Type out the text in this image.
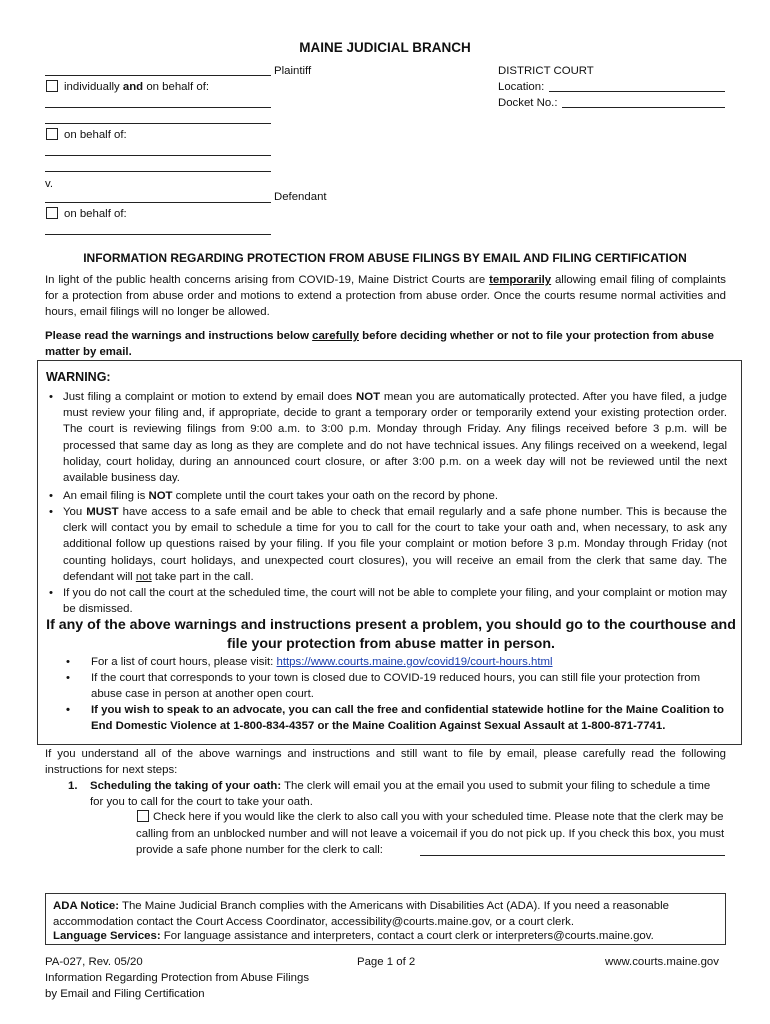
MAINE JUDICIAL BRANCH
Plaintiff
individually and on behalf of:
on behalf of:
v.
Defendant
on behalf of:
DISTRICT COURT
Location:
Docket No.:
INFORMATION REGARDING PROTECTION FROM ABUSE FILINGS BY EMAIL AND FILING CERTIFICATION
In light of the public health concerns arising from COVID-19, Maine District Courts are temporarily allowing email filing of complaints for a protection from abuse order and motions to extend a protection from abuse order. Once the courts resume normal activities and hours, email filings will no longer be allowed.
Please read the warnings and instructions below carefully before deciding whether or not to file your protection from abuse matter by email.
WARNING:
• Just filing a complaint or motion to extend by email does NOT mean you are automatically protected. After you have filed, a judge must review your filing and, if appropriate, decide to grant a temporary order or temporarily extend your existing protection order. The court is reviewing filings from 9:00 a.m. to 3:00 p.m. Monday through Friday. Any filings received before 3 p.m. will be processed that same day as long as they are complete and do not have technical issues. Any filings received on a weekend, legal holiday, court holiday, during an announced court closure, or after 3:00 p.m. on a week day will not be reviewed until the next available business day.
• An email filing is NOT complete until the court takes your oath on the record by phone.
• You MUST have access to a safe email and be able to check that email regularly and a safe phone number. This is because the clerk will contact you by email to schedule a time for you to call for the court to take your oath and, when necessary, to ask any additional follow up questions raised by your filing. If you file your complaint or motion before 3 p.m. Monday through Friday (not counting holidays, court holidays, and unexpected court closures), you will receive an email from the clerk that same day. The defendant will not take part in the call.
• If you do not call the court at the scheduled time, the court will not be able to complete your filing, and your complaint or motion may be dismissed.
If any of the above warnings and instructions present a problem, you should go to the courthouse and file your protection from abuse matter in person.
• For a list of court hours, please visit: https://www.courts.maine.gov/covid19/court-hours.html
• If the court that corresponds to your town is closed due to COVID-19 reduced hours, you can still file your protection from abuse case in person at another open court.
• If you wish to speak to an advocate, you can call the free and confidential statewide hotline for the Maine Coalition to End Domestic Violence at 1-800-834-4357 or the Maine Coalition Against Sexual Assault at 1-800-871-7741.
If you understand all of the above warnings and instructions and still want to file by email, please carefully read the following instructions for next steps:
1. Scheduling the taking of your oath: The clerk will email you at the email you used to submit your filing to schedule a time for you to call for the court to take your oath.
Check here if you would like the clerk to also call you with your scheduled time. Please note that the clerk may be calling from an unblocked number and will not leave a voicemail if you do not pick up. If you check this box, you must provide a safe phone number for the clerk to call:
ADA Notice: The Maine Judicial Branch complies with the Americans with Disabilities Act (ADA). If you need a reasonable accommodation contact the Court Access Coordinator, accessibility@courts.maine.gov, or a court clerk.
Language Services: For language assistance and interpreters, contact a court clerk or interpreters@courts.maine.gov.
PA-027, Rev. 05/20
Information Regarding Protection from Abuse Filings
by Email and Filing Certification
Page 1 of 2	www.courts.maine.gov
